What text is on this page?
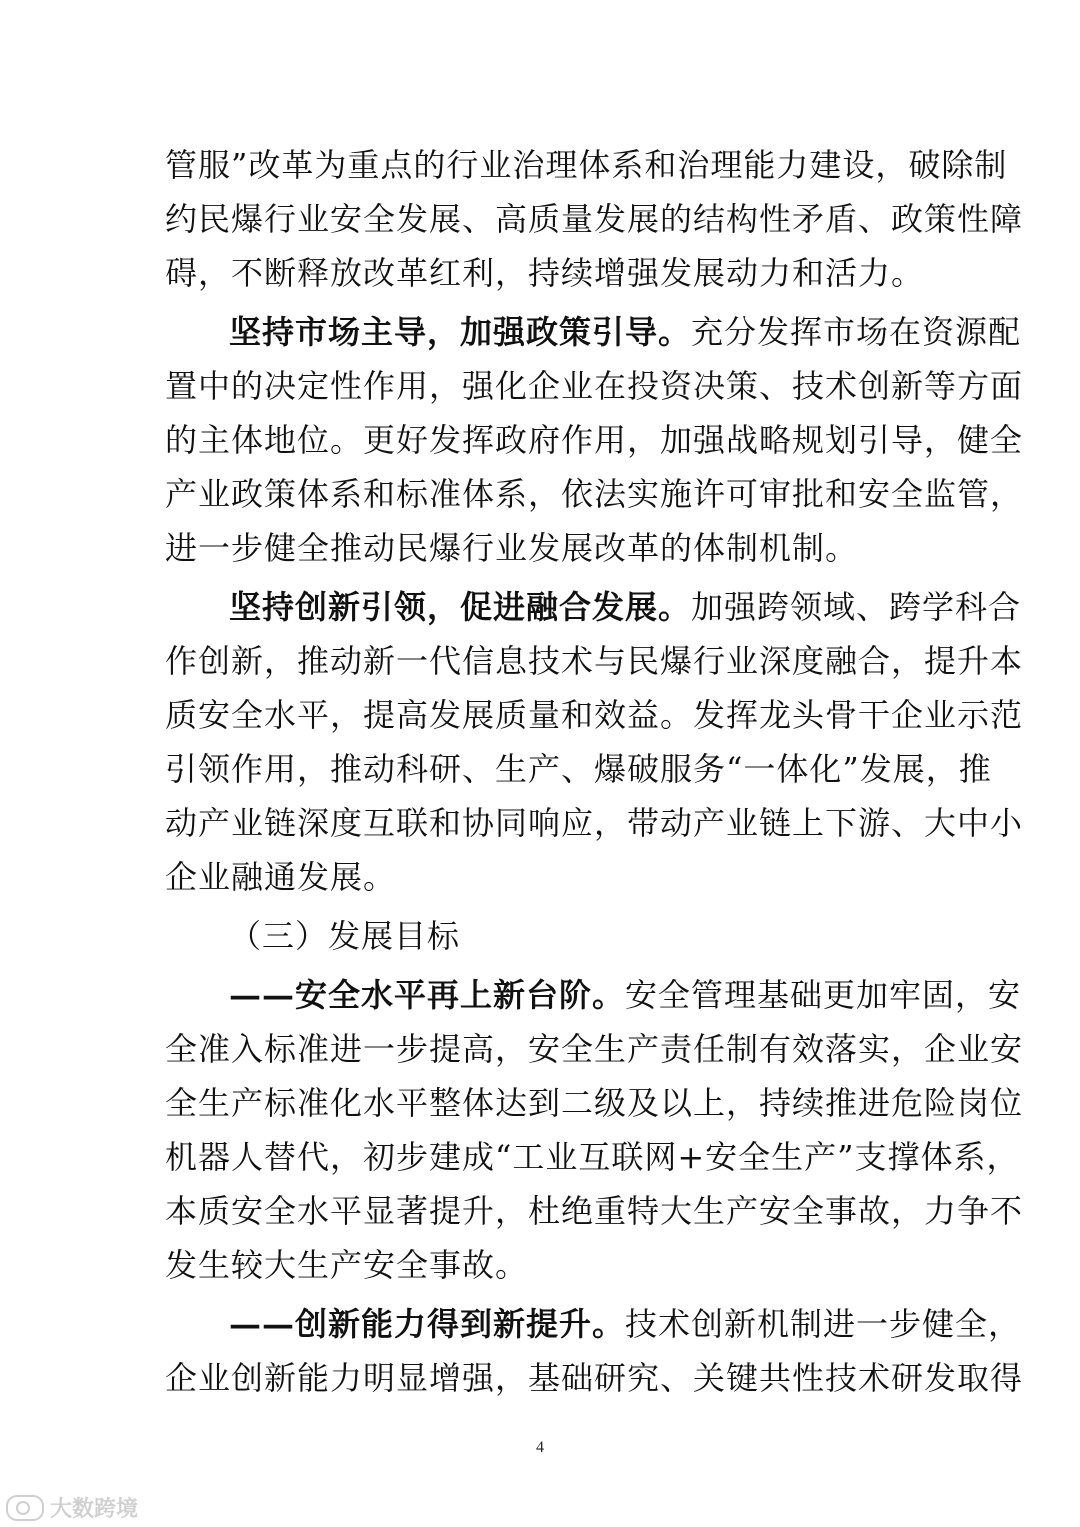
管服”改革为重点的行业治理体系和治理能力建设，破除制
约民爆行业安全发展、高质量发展的结构性矛盾、政策性障
碍，不断释放改革红利，持续增强发展动力和活力。
坚持市场主导，加强政策引导。充分发挥市场在资源配
置中的决定性作用，强化企业在投资决策、技术创新等方面
的主体地位。更好发挥政府作用，加强战略规划引导，健全
产业政策体系和标准体系，依法实施许可审批和安全监管，
进一步健全推动民爆行业发展改革的体制机制。
坚持创新引领，促进融合发展。加强跨领域、跨学科合
作创新，推动新一代信息技术与民爆行业深度融合，提升本
质安全水平，提高发展质量和效益。发挥龙头骨干企业示范
引领作用，推动科研、生产、爆破服务“一体化”发展，推
动产业链深度互联和协同响应，带动产业链上下游、大中小
企业融通发展。
（三）发展目标
——安全水平再上新台阶。安全管理基础更加牢固，安
全准入标准进一步提高，安全生产责任制有效落实，企业安
全生产标准化水平整体达到二级及以上，持续推进危险岗位
机器人替代，初步建成“工业互联网+安全生产”支撑体系，
本质安全水平显著提升，杜绝重特大生产安全事故，力争不
发生较大生产安全事故。
——创新能力得到新提升。技术创新机制进一步健全，
企业创新能力明显增强，基础研究、关键共性技术研发取得
4
大数跨境
